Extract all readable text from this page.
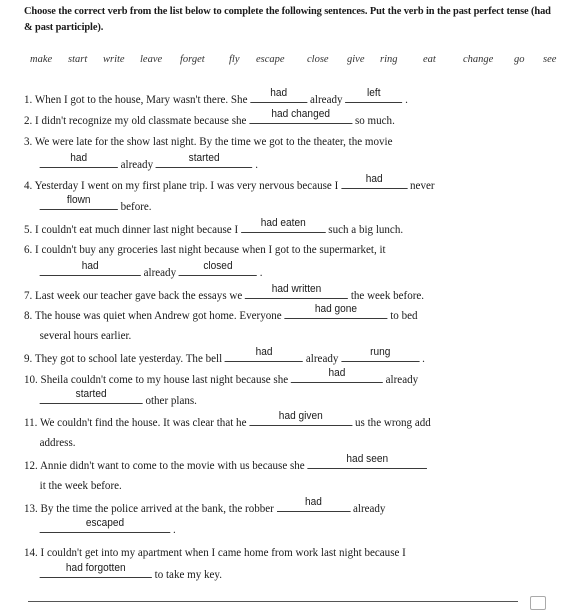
Choose the correct verb from the list below to complete the following sentences. Put the verb in the past perfect tense (had & past participle).
make start write leave forget fly escape close give ring eat	change go see
1. When I got to the house, Mary wasn't there. She	had	already	left	.
2. I didn't recognize my old classmate because she	had changed	so much.
3. We were late for the show last night. By the time we got to the theater, the movie
had	already	started	.
4. Yesterday I went on my first plane trip. I was very nervous because I	had	never
flown	before.
5. I couldn't eat much dinner last night because I	had eaten	such a big lunch.
6. I couldn't buy any groceries last night because when I got to the supermarket, it
had	already	closed	.
7. Last week our teacher gave back the essays we	had written	the week before.
8. The house was quiet when Andrew got home. Everyone	had gone	to bed
several hours earlier.
9. They got to school late yesterday. The bell	had	already	rung	.
10. Sheila couldn't come to my house last night because she	had	already
started	other plans.
11. We couldn't find the house. It was clear that he	had given	us the wrong add
address.
12. Annie didn't want to come to the movie with us because she	had seen
it the week before.
13. By the time the police arrived at the bank, the robber	had	already
escaped	.
14. I couldn't get into my apartment when I came home from work last night because I
had forgotten	to take my key.
